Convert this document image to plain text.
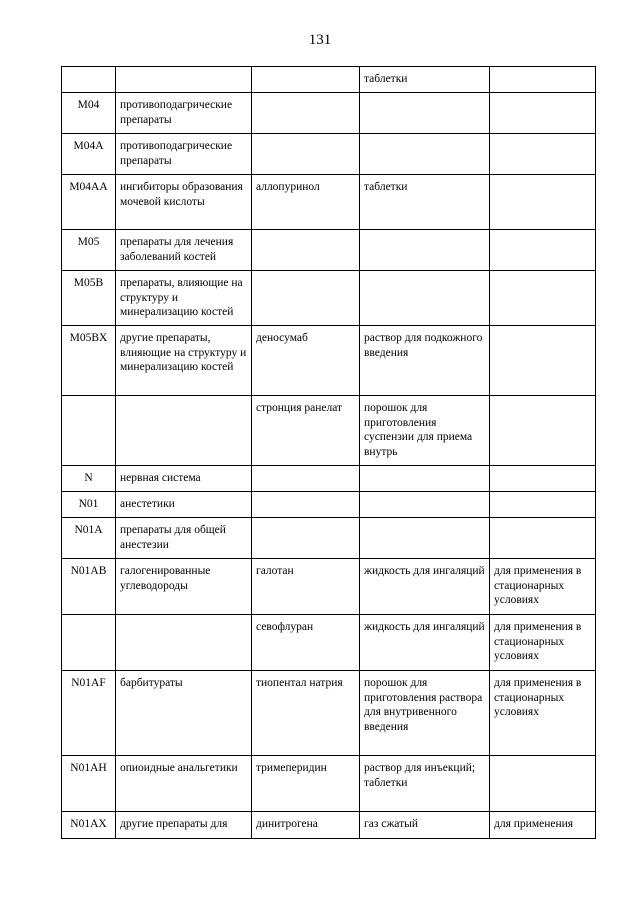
131

			таблетки	

M04	противоподагрические препараты			

M04A	противоподагрические препараты			

M04AA	ингибиторы образования мочевой кислоты	аллопуринол	таблетки	

M05	препараты для лечения заболеваний костей			

M05B	препараты, влияющие на структуру и минерализацию костей			

M05BX	другие препараты, влияющие на структуру и минерализацию костей	деносумаб	раствор для подкожного введения	

		стронция ранелат	порошок для приготовления суспензии для приема внутрь	

N	нервная система			

N01	анестетики			

N01A	препараты для общей анестезии			

N01AB	галогенированные углеводороды	галотан	жидкость для ингаляций	для применения в стационарных условиях

		севофлуран	жидкость для ингаляций	для применения в стационарных условиях

N01AF	барбитураты	тиопентал натрия	порошок для приготовления раствора для внутривенного введения	для применения в стационарных условиях

N01AH	опиоидные анальгетики	тримеперидин	раствор для инъекций; таблетки	

N01AX	другие препараты для	динитрогена	газ сжатый	для применения
